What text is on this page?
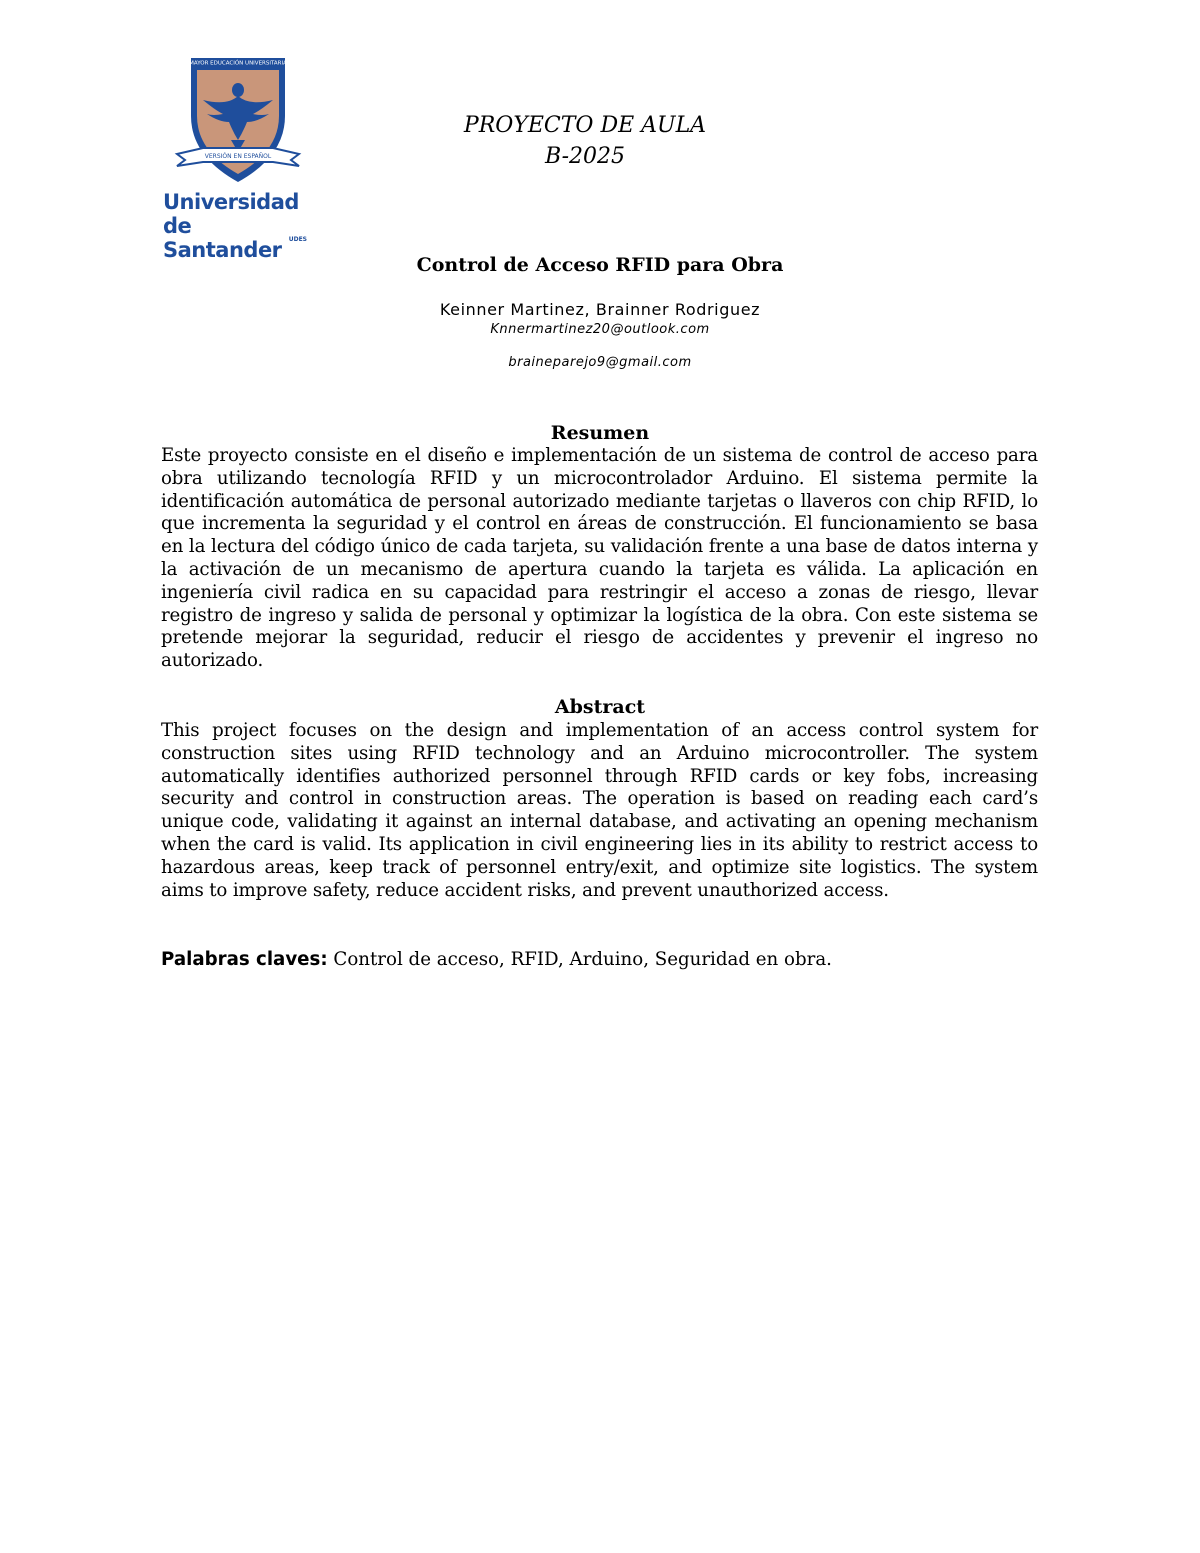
MAYOR EDUCACIÓN UNIVERSITARIA
VERSIÓN EN ESPAÑOL
Universidad
de Santander	UDES
PROYECTO DE AULA
B-2025
Control de Acceso RFID para Obra
Keinner Martinez, Brainner Rodriguez
Knnermartinez20@outlook.com
braineparejo9@gmail.com
Resumen
Este proyecto consiste en el diseño e implementación de un sistema de control de acceso para obra utilizando tecnología RFID y un microcontrolador Arduino. El sistema permite la identificación automática de personal autorizado mediante tarjetas o llaveros con chip RFID, lo que incrementa la seguridad y el control en áreas de construcción. El funcionamiento se basa en la lectura del código único de cada tarjeta, su validación frente a una base de datos interna y la activación de un mecanismo de apertura cuando la tarjeta es válida. La aplicación en ingeniería civil radica en su capacidad para restringir el acceso a zonas de riesgo, llevar registro de ingreso y salida de personal y optimizar la logística de la obra. Con este sistema se pretende mejorar la seguridad, reducir el riesgo de accidentes y prevenir el ingreso no autorizado.
Abstract
This project focuses on the design and implementation of an access control system for construction sites using RFID technology and an Arduino microcontroller. The system automatically identifies authorized personnel through RFID cards or key fobs, increasing security and control in construction areas. The operation is based on reading each card’s unique code, validating it against an internal database, and activating an opening mechanism when the card is valid. Its application in civil engineering lies in its ability to restrict access to hazardous areas, keep track of personnel entry/exit, and optimize site logistics. The system aims to improve safety, reduce accident risks, and prevent unauthorized access.
Palabras claves: Control de acceso, RFID, Arduino, Seguridad en obra.
